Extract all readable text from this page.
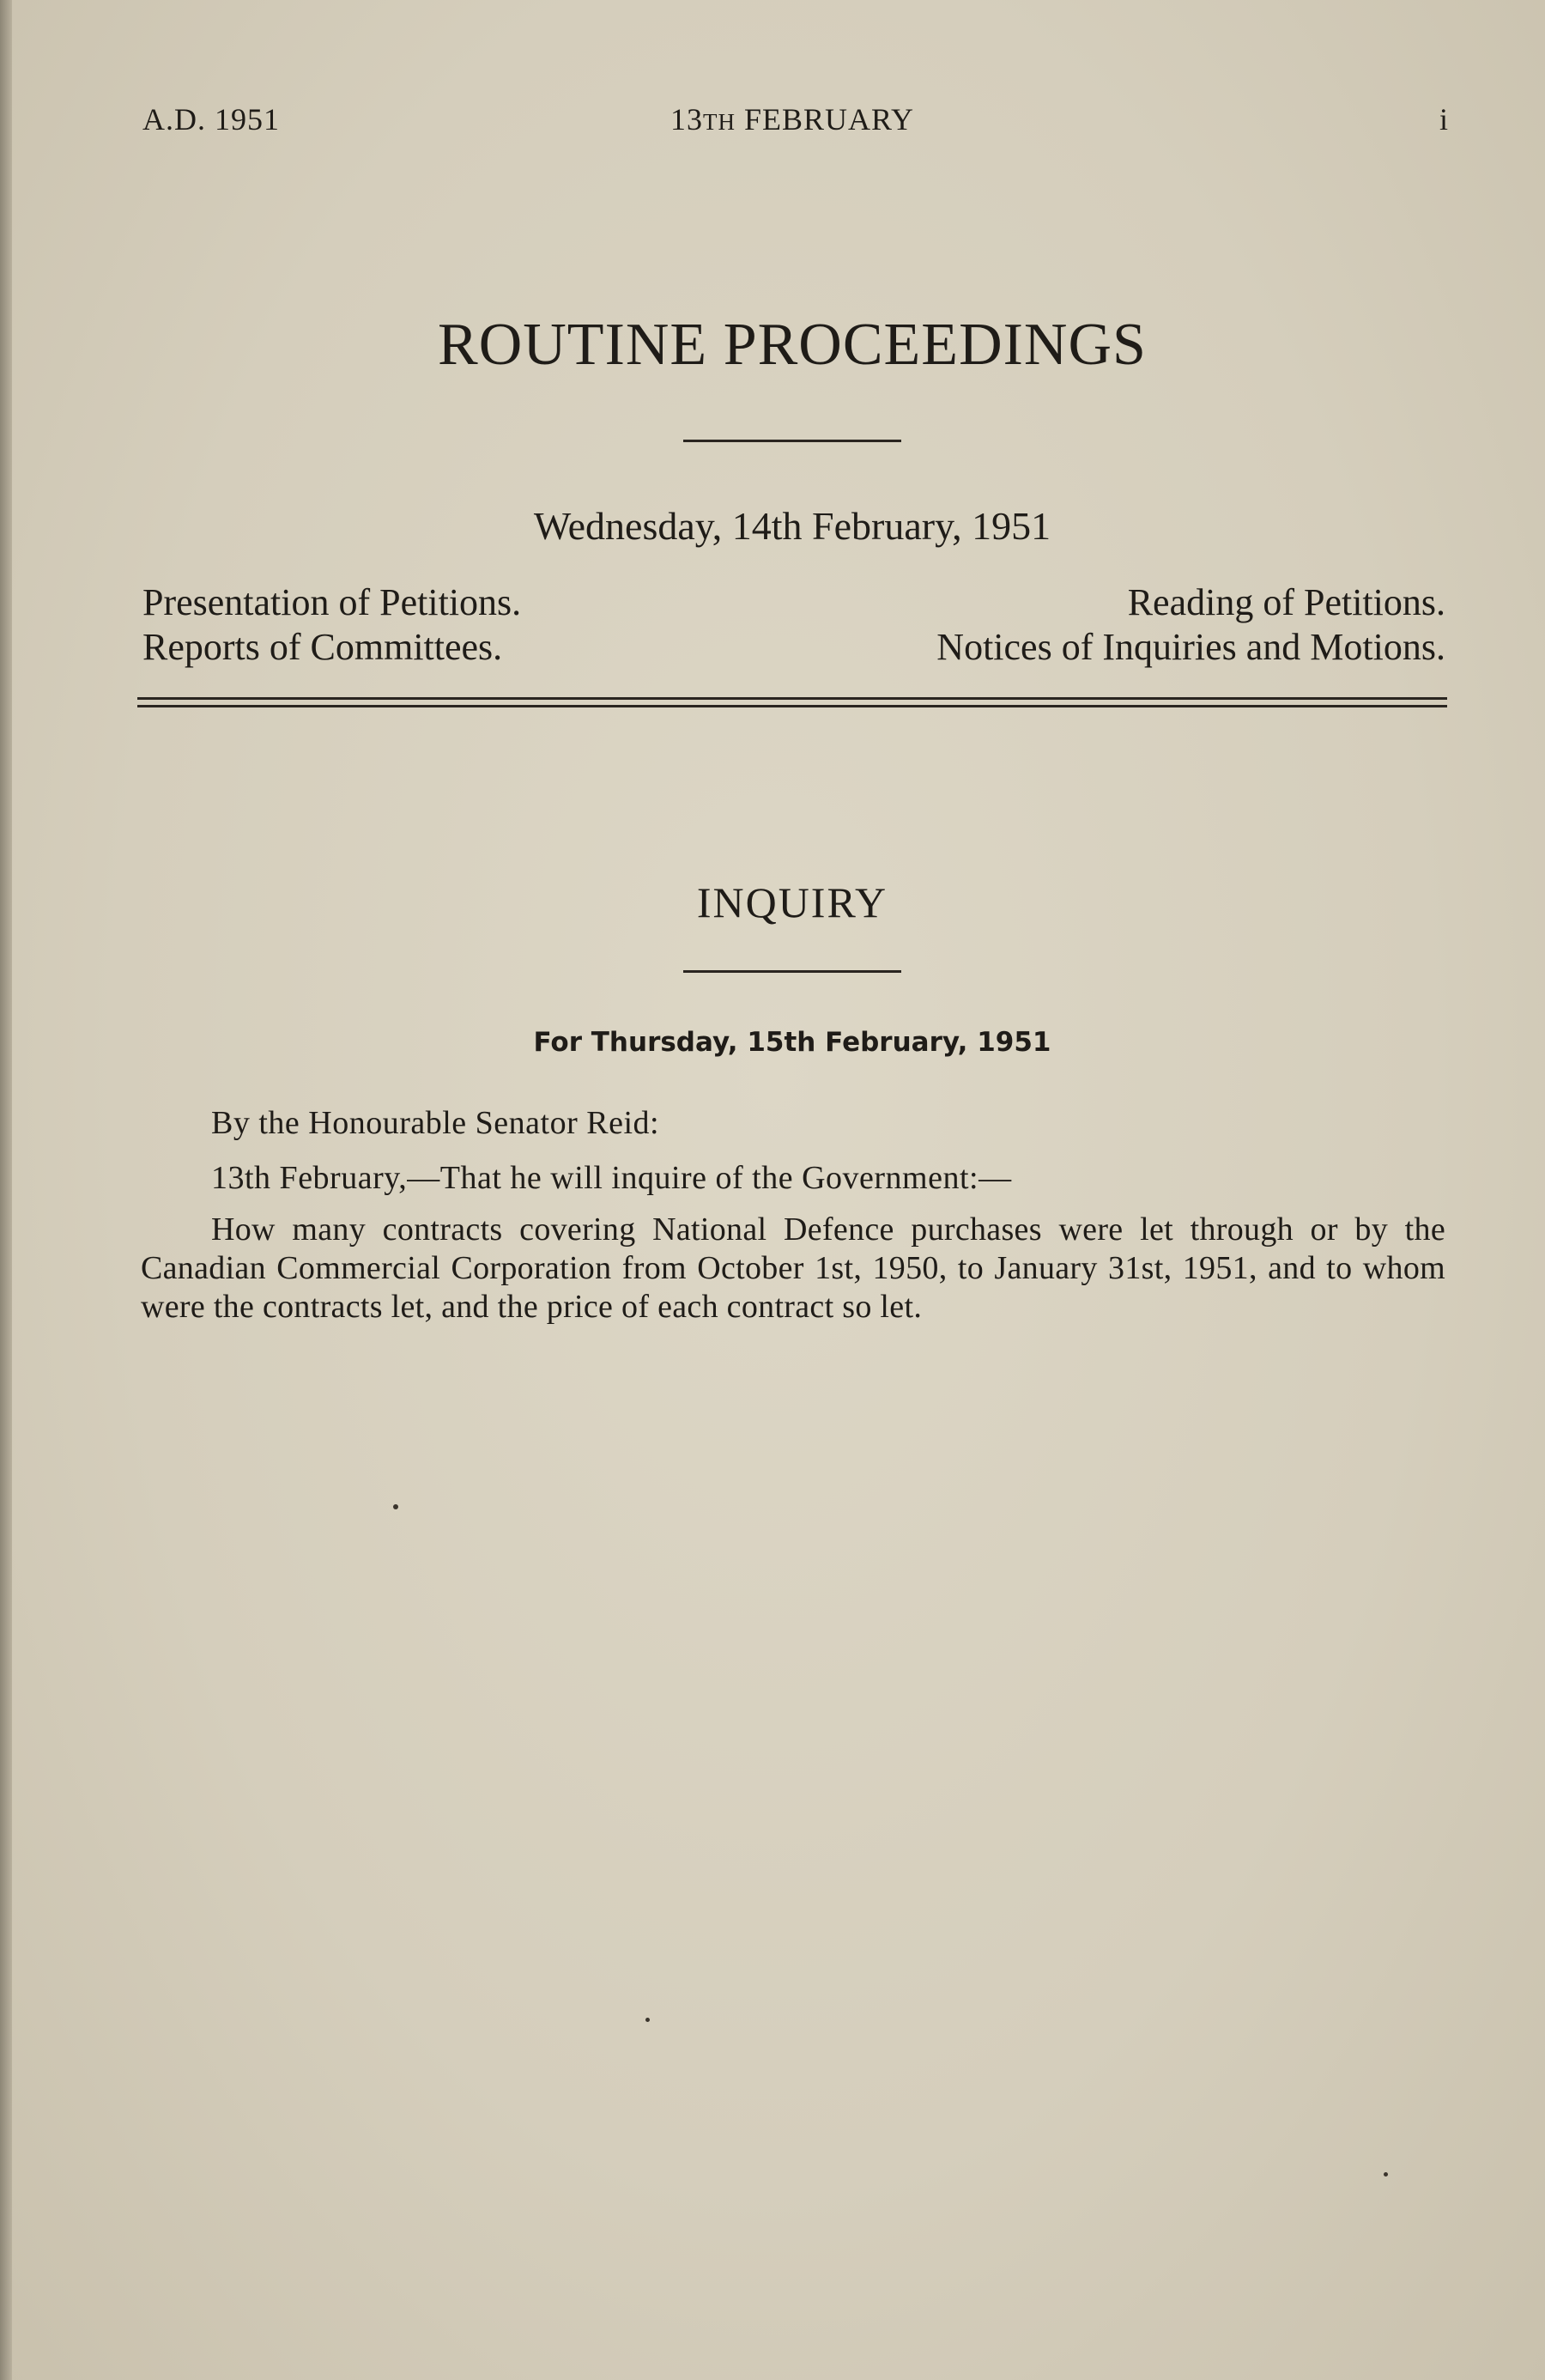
A.D. 1951	13TH FEBRUARY	i
ROUTINE PROCEEDINGS
Wednesday, 14th February, 1951
Presentation of Petitions.	Reading of Petitions.
Reports of Committees.	Notices of Inquiries and Motions.
INQUIRY
For Thursday, 15th February, 1951
By the Honourable Senator Reid:
13th February,—That he will inquire of the Government:—
How many contracts covering National Defence purchases were let through or by the Canadian Commercial Corporation from October 1st, 1950, to January 31st, 1951, and to whom were the contracts let, and the price of each contract so let.
